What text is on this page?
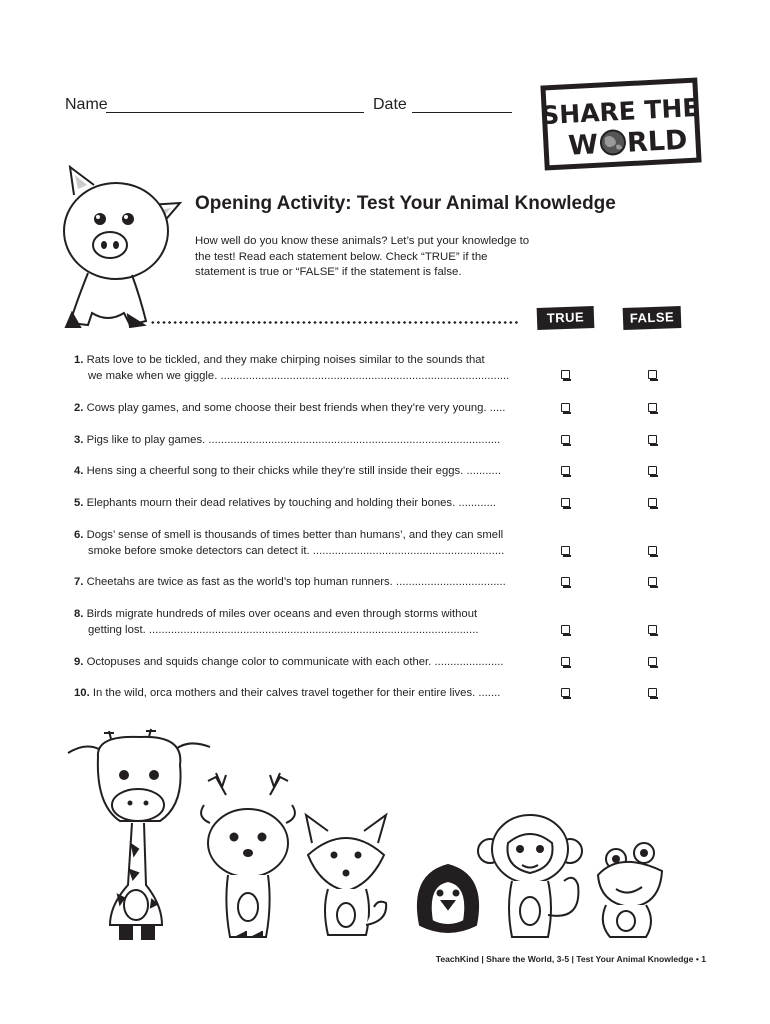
Name	Date	SHARE THE
W RLD
Opening Activity: Test Your Animal Knowledge
How well do you know these animals? Let’s put your knowledge to the test! Read each statement below. Check “TRUE” if the statement is true or “FALSE” if the statement is false.
TRUE	FALSE
1. Rats love to be tickled, and they make chirping noises similar to the sounds that
we make when we giggle. ............................................................................................
2. Cows play games, and some choose their best friends when they’re very young. .....
3. Pigs like to play games. .............................................................................................
4. Hens sing a cheerful song to their chicks while they’re still inside their eggs. ...........
5. Elephants mourn their dead relatives by touching and holding their bones. ............
6. Dogs’ sense of smell is thousands of times better than humans’, and they can smell
smoke before smoke detectors can detect it. .............................................................
7. Cheetahs are twice as fast as the world’s top human runners. ...................................
8. Birds migrate hundreds of miles over oceans and even through storms without
getting lost. .........................................................................................................
9. Octopuses and squids change color to communicate with each other. ......................
10. In the wild, orca mothers and their calves travel together for their entire lives. .......
TeachKind | Share the World, 3-5 | Test Your Animal Knowledge • 1
